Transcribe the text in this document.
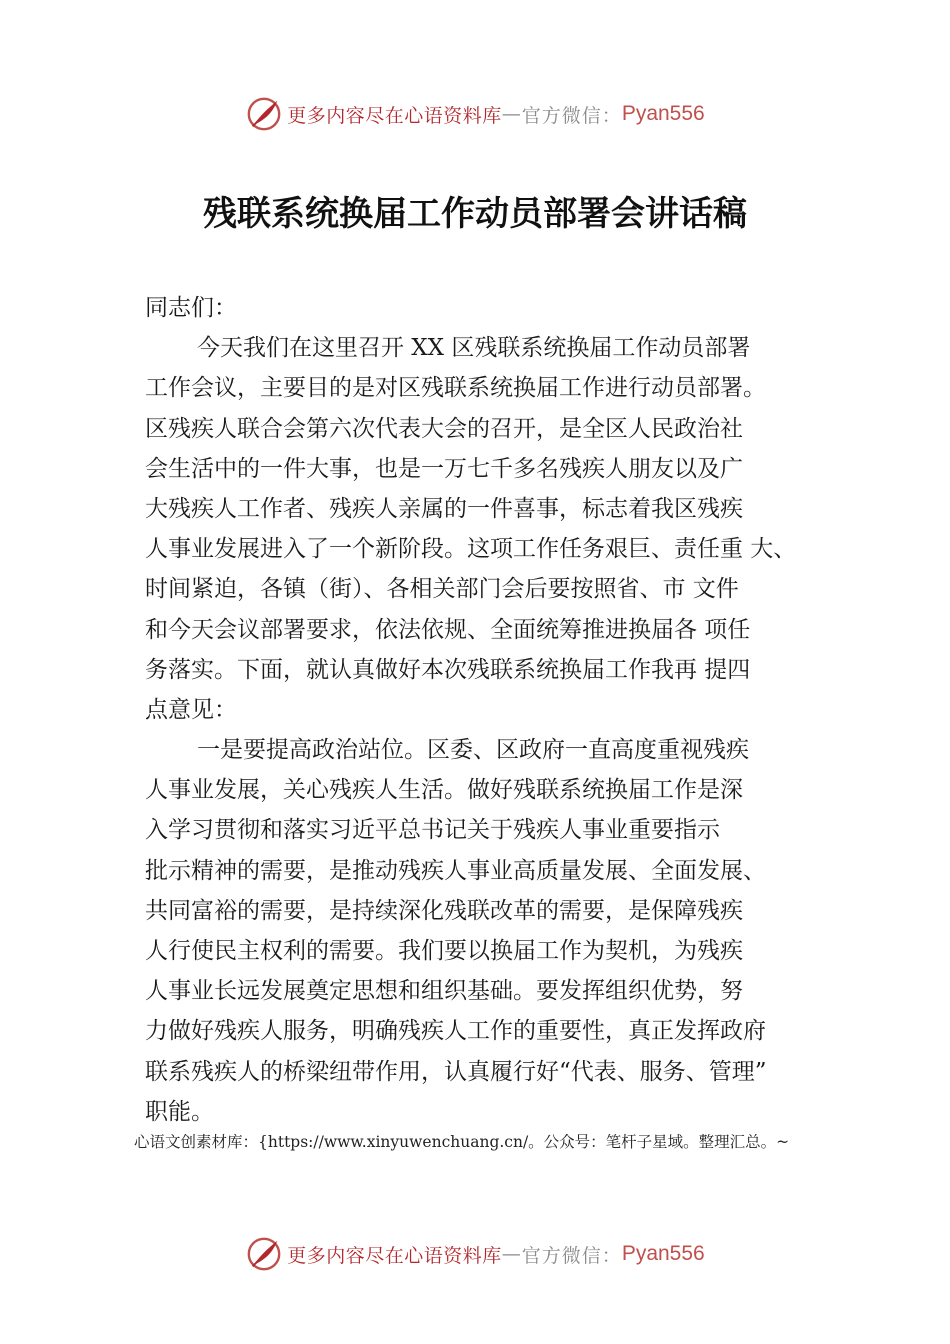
更多内容尽在心语资料库 — 官方微信： Pyan556
残联系统换届工作动员部署会讲话稿
同志们：
今天我们在这里召开 XX 区残联系统换届工作动员部署
工作会议，主要目的是对区残联系统换届工作进行动员部署。
区残疾人联合会第六次代表大会的召开，是全区人民政治社
会生活中的一件大事，也是一万七千多名残疾人朋友以及广
大残疾人工作者、残疾人亲属的一件喜事，标志着我区残疾
人事业发展进入了一个新阶段。这项工作任务艰巨、责任重 大、
时间紧迫，各镇（街）、各相关部门会后要按照省、市 文件
和今天会议部署要求，依法依规、全面统筹推进换届各 项任
务落实。下面，就认真做好本次残联系统换届工作我再 提四
点意见：
一是要提高政治站位。区委、区政府一直高度重视残疾
人事业发展，关心残疾人生活。做好残联系统换届工作是深
入学习贯彻和落实习近平总书记关于残疾人事业重要指示
批示精神的需要，是推动残疾人事业高质量发展、全面发展、
共同富裕的需要，是持续深化残联改革的需要，是保障残疾
人行使民主权利的需要。我们要以换届工作为契机，为残疾
人事业长远发展奠定思想和组织基础。要发挥组织优势，努
力做好残疾人服务，明确残疾人工作的重要性，真正发挥政府
联系残疾人的桥梁纽带作用，认真履行好“代表、服务、管理”
职能。
心语文创素材库：{https://www.xinyuwenchuang.cn/。公众号：笔杆子星域。整理汇总。~
更多内容尽在心语资料库 — 官方微信： Pyan556
